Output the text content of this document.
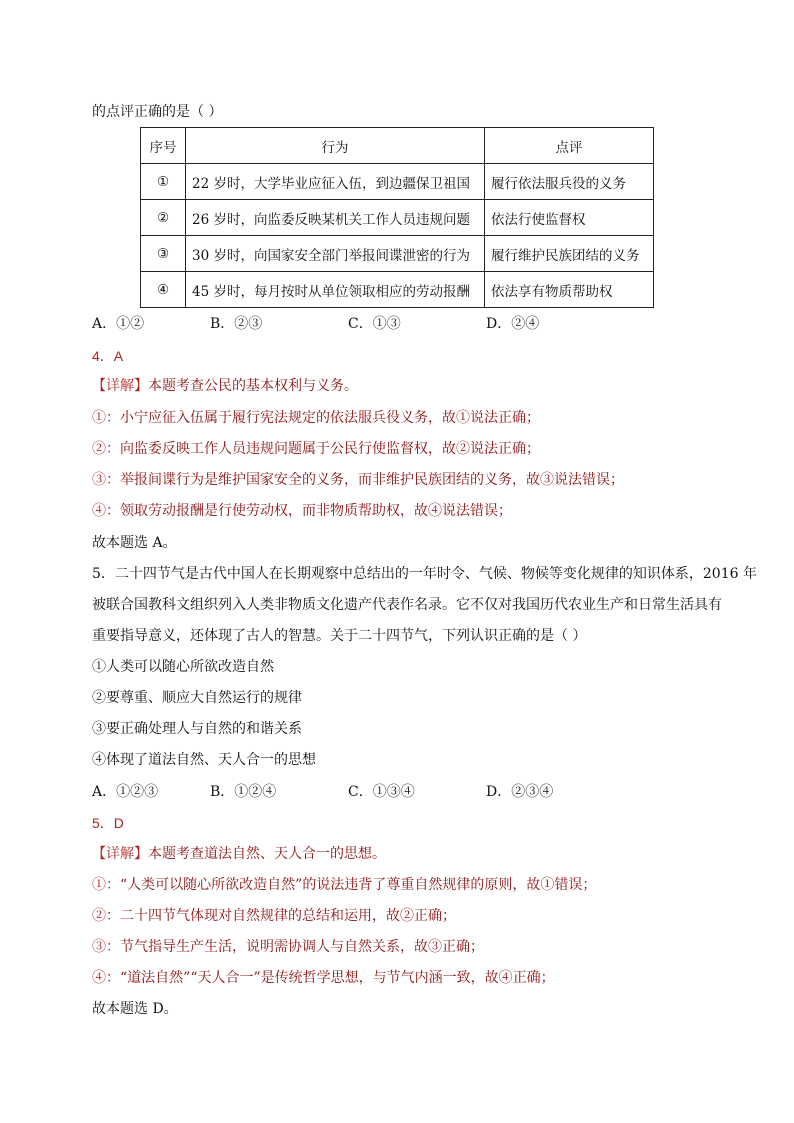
的点评正确的是（ ）
序号	行为	点评
①	22 岁时，大学毕业应征入伍，到边疆保卫祖国	履行依法服兵役的义务
②	26 岁时，向监委反映某机关工作人员违规问题	依法行使监督权
③	30 岁时，向国家安全部门举报间谍泄密的行为	履行维护民族团结的义务
④	45 岁时，每月按时从单位领取相应的劳动报酬	依法享有物质帮助权
A．①②	B．②③	C．①③	D．②④
4．A
【详解】本题考查公民的基本权利与义务。
①：小宁应征入伍属于履行宪法规定的依法服兵役义务，故①说法正确；
②：向监委反映工作人员违规问题属于公民行使监督权，故②说法正确；
③：举报间谍行为是维护国家安全的义务，而非维护民族团结的义务，故③说法错误；
④：领取劳动报酬是行使劳动权，而非物质帮助权，故④说法错误；
故本题选 A。
5．二十四节气是古代中国人在长期观察中总结出的一年时令、气候、物候等变化规律的知识体系，2016 年
被联合国教科文组织列入人类非物质文化遗产代表作名录。它不仅对我国历代农业生产和日常生活具有
重要指导意义，还体现了古人的智慧。关于二十四节气，下列认识正确的是（ ）
①人类可以随心所欲改造自然
②要尊重、顺应大自然运行的规律
③要正确处理人与自然的和谐关系
④体现了道法自然、天人合一的思想
A．①②③	B．①②④	C．①③④	D．②③④
5．D
【详解】本题考查道法自然、天人合一的思想。
①：“人类可以随心所欲改造自然”的说法违背了尊重自然规律的原则，故①错误；
②：二十四节气体现对自然规律的总结和运用，故②正确；
③：节气指导生产生活，说明需协调人与自然关系，故③正确；
④：“道法自然”“天人合一”是传统哲学思想，与节气内涵一致，故④正确；
故本题选 D。
